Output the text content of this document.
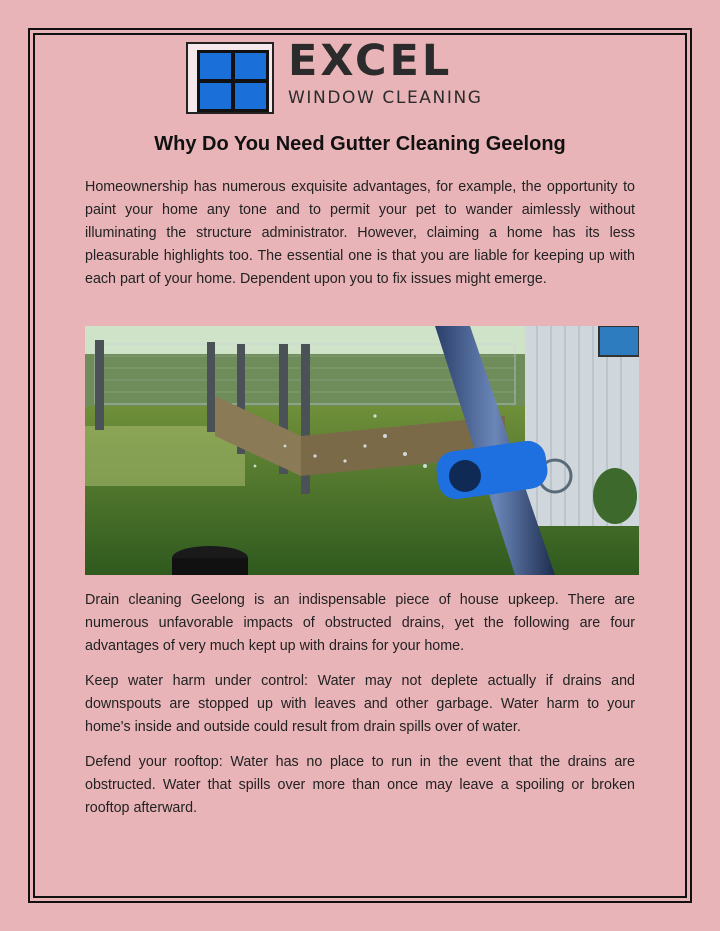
EXCEL
WINDOW CLEANING
Why Do You Need Gutter Cleaning Geelong

Homeownership has numerous exquisite advantages, for example, the opportunity to paint your home any tone and to permit your pet to wander aimlessly without illuminating the structure administrator. However, claiming a home has its less pleasurable highlights too. The essential one is that you are liable for keeping up with each part of your home. Dependent upon you to fix issues might emerge.

Drain cleaning Geelong is an indispensable piece of house upkeep. There are numerous unfavorable impacts of obstructed drains, yet the following are four advantages of very much kept up with drains for your home.

Keep water harm under control: Water may not deplete actually if drains and downspouts are stopped up with leaves and other garbage. Water harm to your home's inside and outside could result from drain spills over of water.

Defend your rooftop: Water has no place to run in the event that the drains are obstructed. Water that spills over more than once may leave a spoiling or broken rooftop afterward.
